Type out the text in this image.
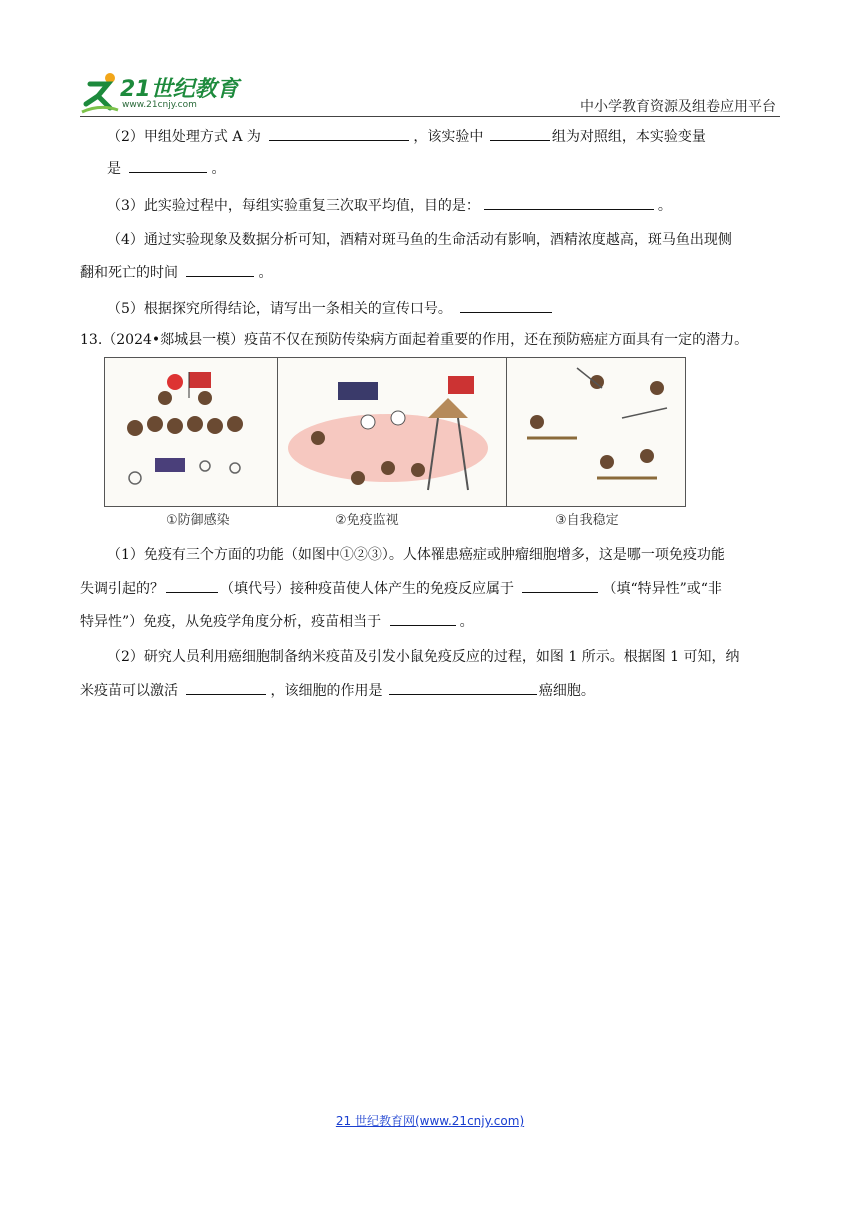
21世纪教育
www.21cnjy.com	中小学教育资源及组卷应用平台
（2）甲组处理方式 A 为	，该实验中	组为对照组，本实验变量
是	。
（3）此实验过程中，每组实验重复三次取平均值，目的是：	。
（4）通过实验现象及数据分析可知，酒精对斑马鱼的生命活动有影响，酒精浓度越高，斑马鱼出现侧
翻和死亡的时间	。
（5）根据探究所得结论，请写出一条相关的宣传口号。
13.（2024•郯城县一模）疫苗不仅在预防传染病方面起着重要的作用，还在预防癌症方面具有一定的潜力。
①防御感染	②免疫监视	③自我稳定
（1）免疫有三个方面的功能（如图中①②③）。人体罹患癌症或肿瘤细胞增多，这是哪一项免疫功能
失调引起的？	（填代号）接种疫苗使人体产生的免疫反应属于	（填“特异性”或“非
特异性”）免疫，从免疫学角度分析，疫苗相当于	。
（2）研究人员利用癌细胞制备纳米疫苗及引发小鼠免疫反应的过程，如图 1 所示。根据图 1 可知，纳
米疫苗可以激活	，该细胞的作用是	癌细胞。
21 世纪教育网(www.21cnjy.com)
